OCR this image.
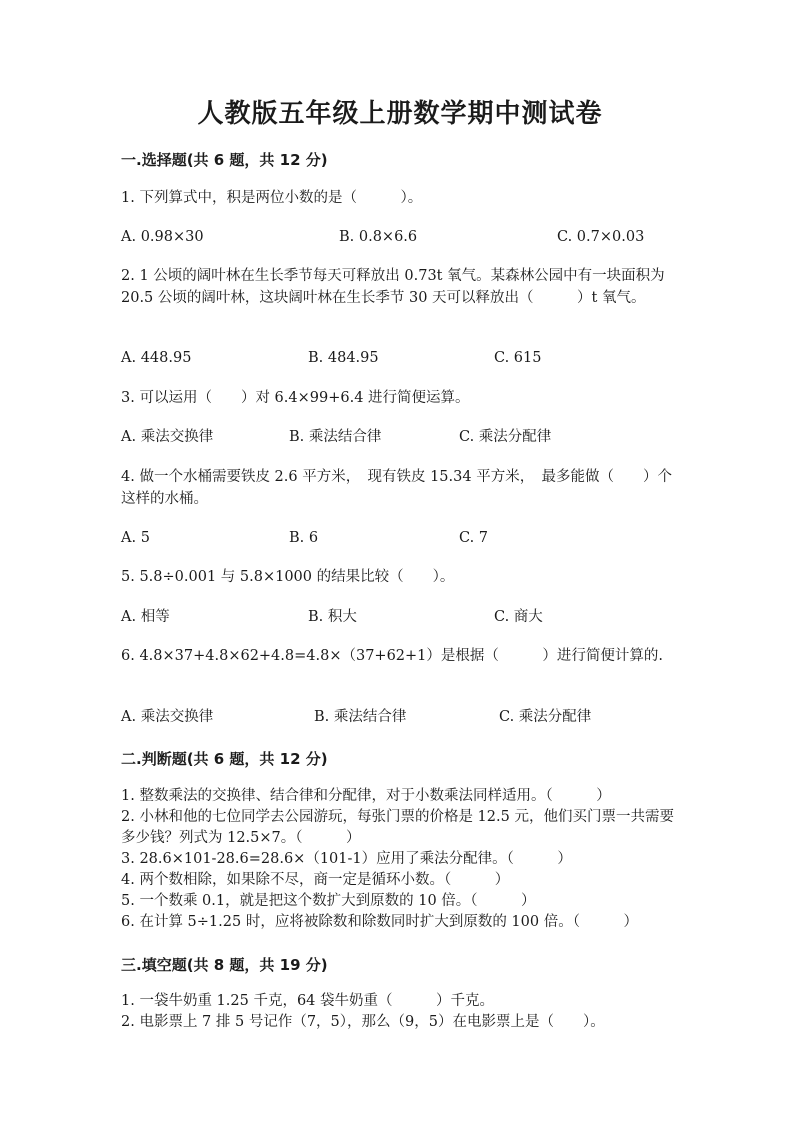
人教版五年级上册数学期中测试卷
一.选择题(共 6 题，共 12 分)

1. 下列算式中，积是两位小数的是（　　　）。

A. 0.98×30	B. 0.8×6.6	C. 0.7×0.03

2. 1 公顷的阔叶林在生长季节每天可释放出 0.73t 氧气。某森林公园中有一块面积为 20.5 公顷的阔叶林，这块阔叶林在生长季节 30 天可以释放出（　　　）t 氧气。

A. 448.95	B. 484.95	C. 615

3. 可以运用（　　）对 6.4×99+6.4 进行简便运算。

A. 乘法交换律	B. 乘法结合律	C. 乘法分配律

4. 做一个水桶需要铁皮 2.6 平方米，　现有铁皮 15.34 平方米，　最多能做（　　）个这样的水桶。

A. 5	B. 6	C. 7

5. 5.8÷0.001 与 5.8×1000 的结果比较（　　）。

A. 相等	B. 积大	C. 商大

6. 4.8×37+4.8×62+4.8=4.8×（37+62+1）是根据（　　　）进行简便计算的.

A. 乘法交换律	B. 乘法结合律	C. 乘法分配律
二.判断题(共 6 题，共 12 分)

1. 整数乘法的交换律、结合律和分配律，对于小数乘法同样适用。（　　　）

2. 小林和他的七位同学去公园游玩，每张门票的价格是 12.5 元，他们买门票一共需要多少钱？列式为 12.5×7。（　　　）

3. 28.6×101-28.6=28.6×（101-1）应用了乘法分配律。（　　　）

4. 两个数相除，如果除不尽，商一定是循环小数。（　　　）

5. 一个数乘 0.1，就是把这个数扩大到原数的 10 倍。（　　　）

6. 在计算 5÷1.25 时，应将被除数和除数同时扩大到原数的 100 倍。（　　　）

三.填空题(共 8 题，共 19 分)

1. 一袋牛奶重 1.25 千克，64 袋牛奶重（　　　）千克。

2. 电影票上 7 排 5 号记作（7，5），那么（9，5）在电影票上是（　　）。
